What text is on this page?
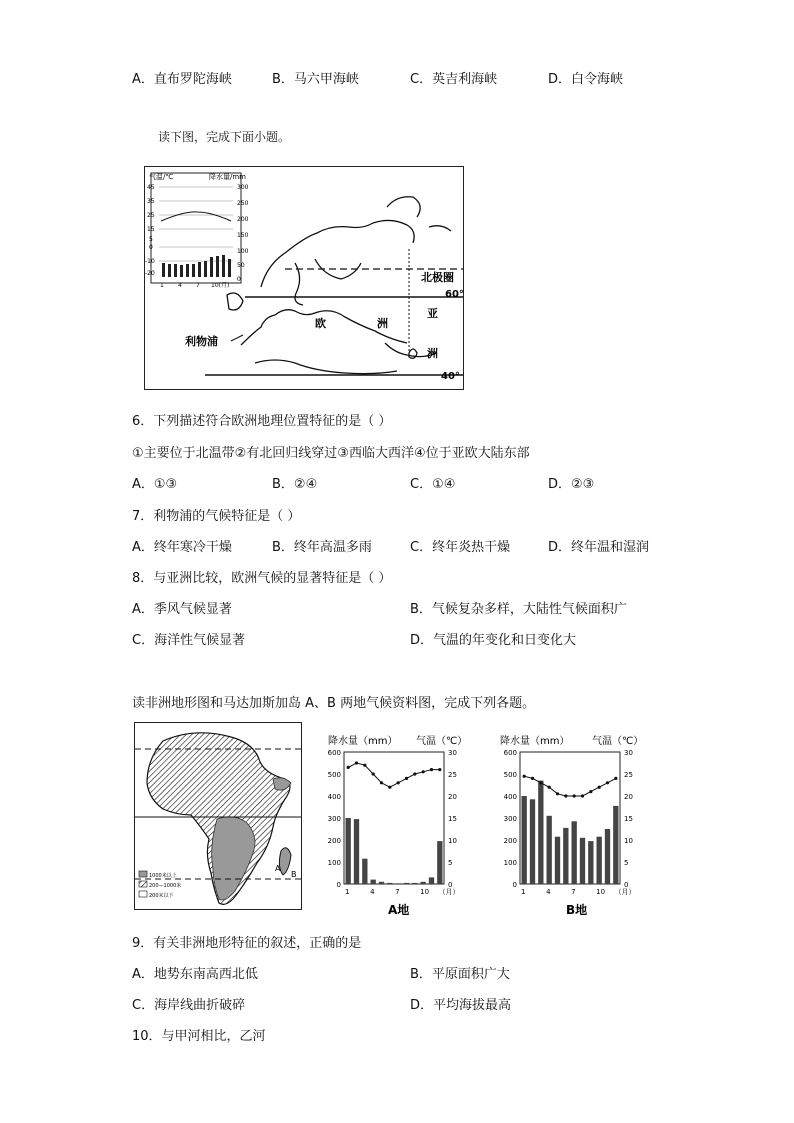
A．直布罗陀海峡	B．马六甲海峡	C．英吉利海峡	D．白令海峡
读下图，完成下面小题。
气温/℃	降水量/mm
45
35
25
15
5
0
-10
-20
300
250
200
150
100
50
0
1 4 7 10(月)
北极圈
60°
40°
欧	洲
亚
洲
利物浦
6．下列描述符合欧洲地理位置特征的是（ ）
①主要位于北温带②有北回归线穿过③西临大西洋④位于亚欧大陆东部
A．①③	B．②④	C．①④	D．②③
7．利物浦的气候特征是（ ）
A．终年寒冷干燥	B．终年高温多雨	C．终年炎热干燥	D．终年温和湿润
8．与亚洲比较，欧洲气候的显著特征是（ ）
A．季风气候显著	B．气候复杂多样，大陆性气候面积广
C．海洋性气候显著	D．气温的年变化和日变化大
读非洲地形图和马达加斯加岛 A、B 两地气候资料图，完成下列各题。
A
B
1000米以上
200—1000米
200米以下
降水量（mm） 气温（℃）
600
500
400
300
200
100
0
30
25
20
15
10
5
0
1	4	7	10 （月）
A地
降水量（mm） 气温（℃）
600
500
400
300
200
100
0
30
25
20
15
10
5
0
1	4	7	10 （月）
B地
9．有关非洲地形特征的叙述，正确的是
A．地势东南高西北低	B．平原面积广大
C．海岸线曲折破碎	D．平均海拔最高
10．与甲河相比，乙河
